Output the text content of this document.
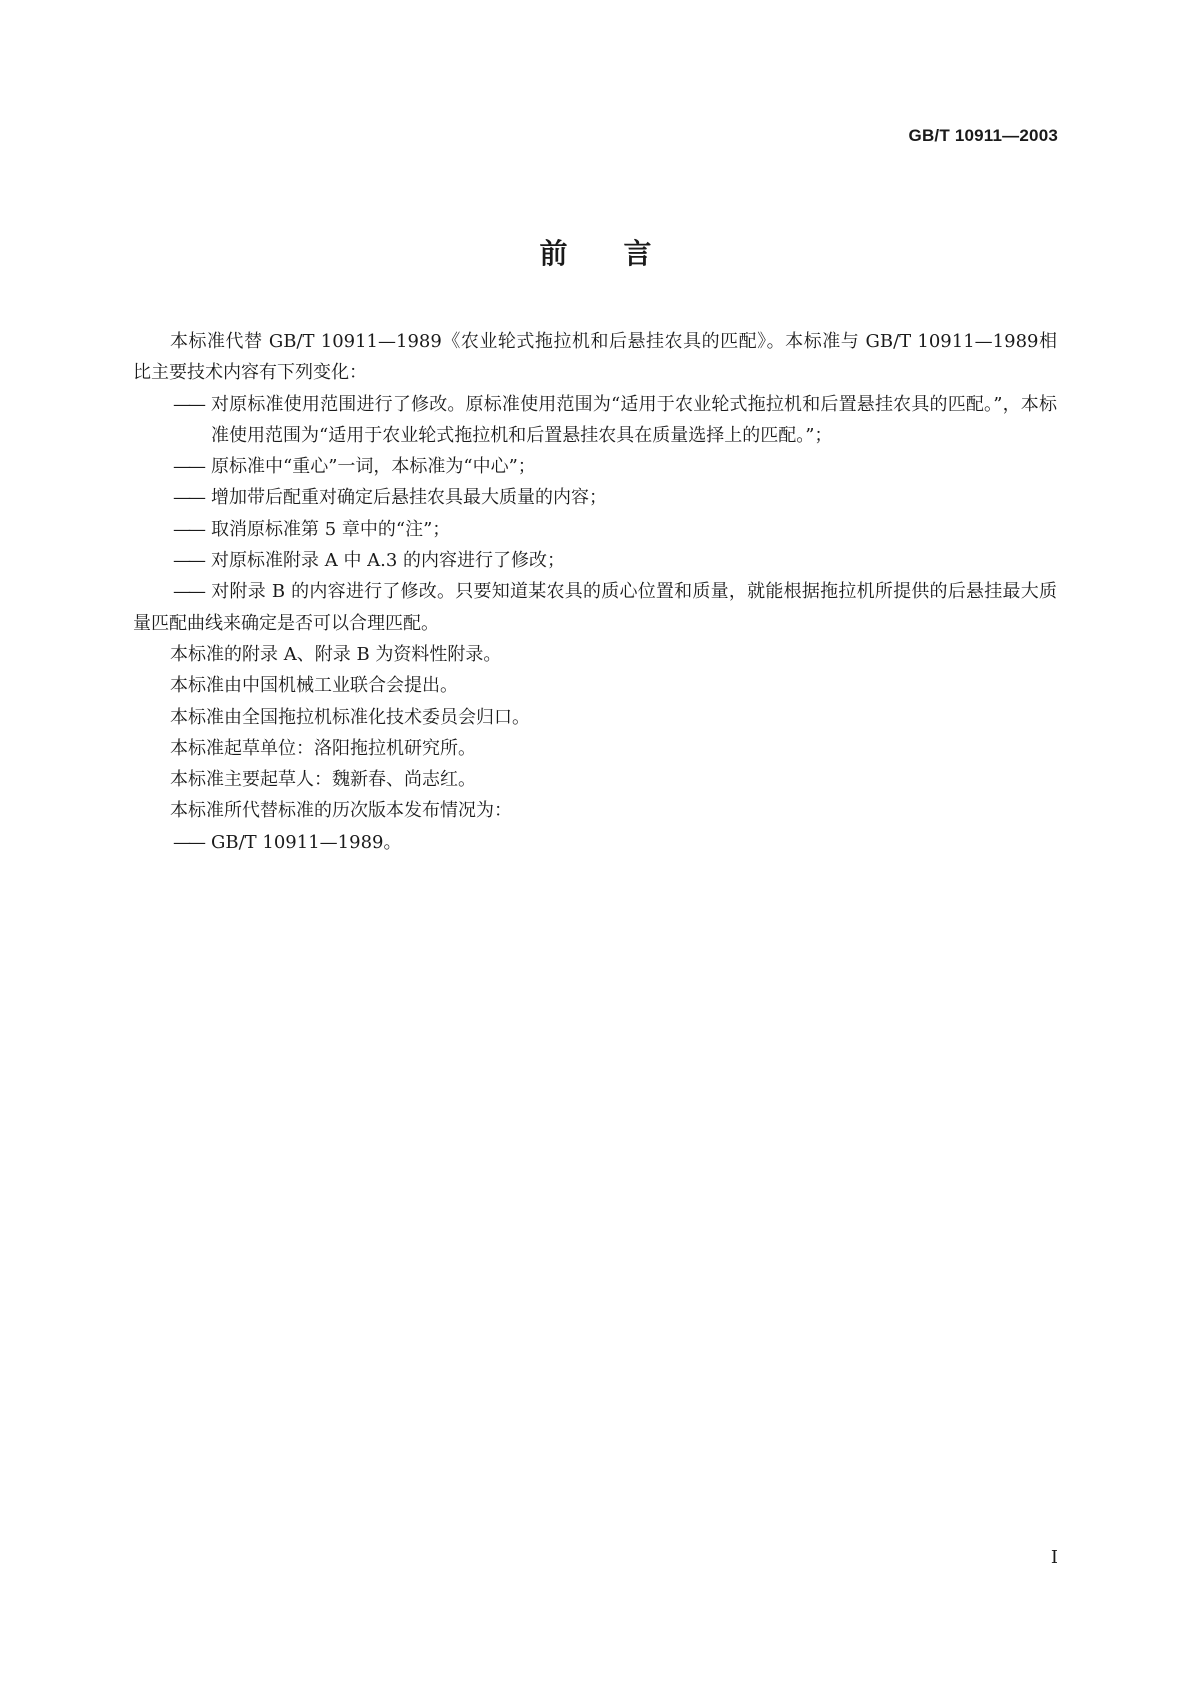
GB/T 10911—2003
前言

本标准代替 GB/T 10911—1989《农业轮式拖拉机和后悬挂农具的匹配》。本标准与 GB/T 10911—1989相比主要技术内容有下列变化：

—— 对原标准使用范围进行了修改。原标准使用范围为“适用于农业轮式拖拉机和后置悬挂农具的匹配。”，本标准使用范围为“适用于农业轮式拖拉机和后置悬挂农具在质量选择上的匹配。”；

—— 原标准中“重心”一词，本标准为“中心”；

—— 增加带后配重对确定后悬挂农具最大质量的内容；

—— 取消原标准第 5 章中的“注”；

—— 对原标准附录 A 中 A.3 的内容进行了修改；

—— 对附录 B 的内容进行了修改。只要知道某农具的质心位置和质量，就能根据拖拉机所提供的后悬挂最大质量匹配曲线来确定是否可以合理匹配。

本标准的附录 A、附录 B 为资料性附录。

本标准由中国机械工业联合会提出。

本标准由全国拖拉机标准化技术委员会归口。

本标准起草单位：洛阳拖拉机研究所。

本标准主要起草人：魏新春、尚志红。

本标准所代替标准的历次版本发布情况为：

—— GB/T 10911—1989。

I
